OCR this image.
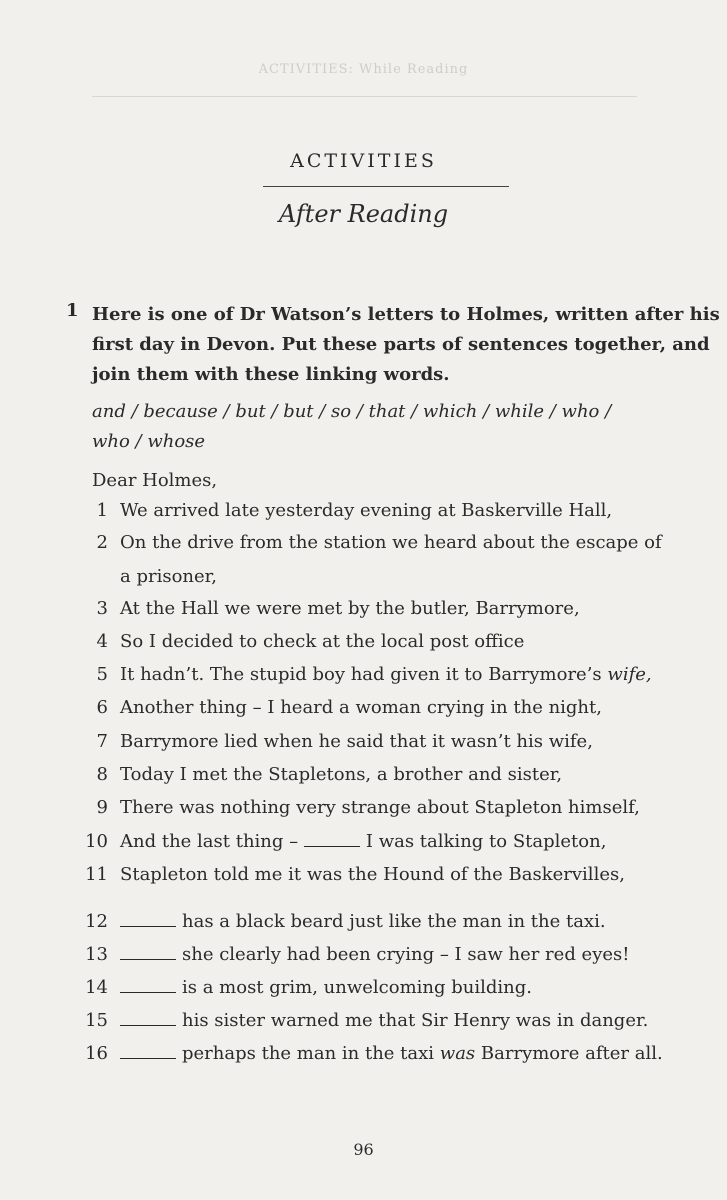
ACTIVITIES: While Reading
ACTIVITIES
After Reading
1 Here is one of Dr Watson’s letters to Holmes, written after his
first day in Devon. Put these parts of sentences together, and
join them with these linking words.
and / because / but / but / so / that / which / while / who /
who / whose
Dear Holmes,
1 We arrived late yesterday evening at Baskerville Hall,
2 On the drive from the station we heard about the escape of
a prisoner,
3 At the Hall we were met by the butler, Barrymore,
4 So I decided to check at the local post office
5 It hadn’t. The stupid boy had given it to Barrymore’s wife,
6 Another thing – I heard a woman crying in the night,
7 Barrymore lied when he said that it wasn’t his wife,
8 Today I met the Stapletons, a brother and sister,
9 There was nothing very strange about Stapleton himself,
10 And the last thing –	I was talking to Stapleton,
11 Stapleton told me it was the Hound of the Baskervilles,
12	has a black beard just like the man in the taxi.
13	she clearly had been crying – I saw her red eyes!
14	is a most grim, unwelcoming building.
15	his sister warned me that Sir Henry was in danger.
16	perhaps the man in the taxi was Barrymore after all.
96
